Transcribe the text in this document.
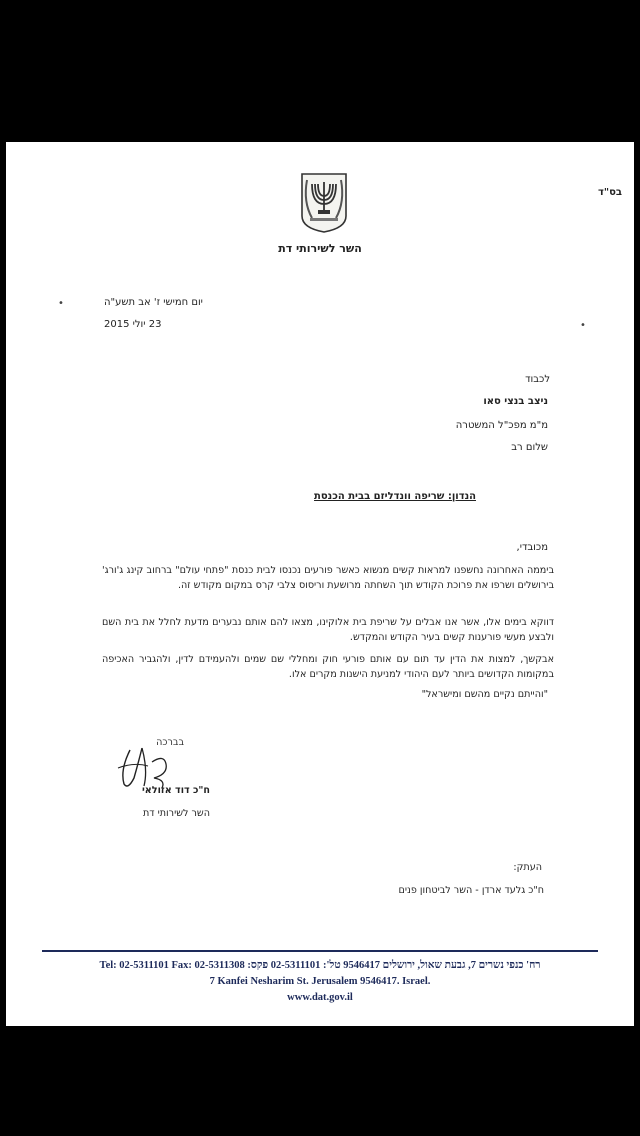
בס"ד
השר לשירותי דת
•
•
יום חמישי ז' אב תשע"ה
23 יולי 2015
לכבוד
ניצב בנצי סאו
מ"מ מפכ"ל המשטרה
שלום רב
הנדון: שריפה וונדליזם בבית הכנסת
מכובדי,
ביממה האחרונה נחשפנו למראות קשים מנשוא כאשר פורעים נכנסו לבית כנסת "פתחי עולם" ברחוב קינג ג'ורג' בירושלים ושרפו את פרוכת הקודש תוך השחתה מרושעת וריסוס צלבי קרס במקום מקודש זה.
דווקא בימים אלו, אשר אנו אבלים על שריפת בית אלוקינו, מצאו להם אותם נבערים מדעת לחלל את בית השם ולבצע מעשי פורענות קשים בעיר הקודש והמקדש.
אבקשך, למצות את הדין עד תום עם אותם פורעי חוק ומחללי שם שמים ולהעמידם לדין, ולהגביר האכיפה במקומות הקדושים ביותר לעם היהודי למניעת הישנות מקרים אלו.
"והייתם נקיים מהשם ומישראל"
בברכה
ח"כ דוד אזולאי
השר לשירותי דת
העתק:
ח"כ גלעד ארדן - השר לביטחון פנים
רח' כנפי נשרים 7, גבעת שאול, ירושלים 9546417 טל': 02-5311101 פקס: 02-5311308 :Tel: 02-5311101 Fax
7 Kanfei Nesharim St. Jerusalem 9546417. Israel.
www.dat.gov.il
